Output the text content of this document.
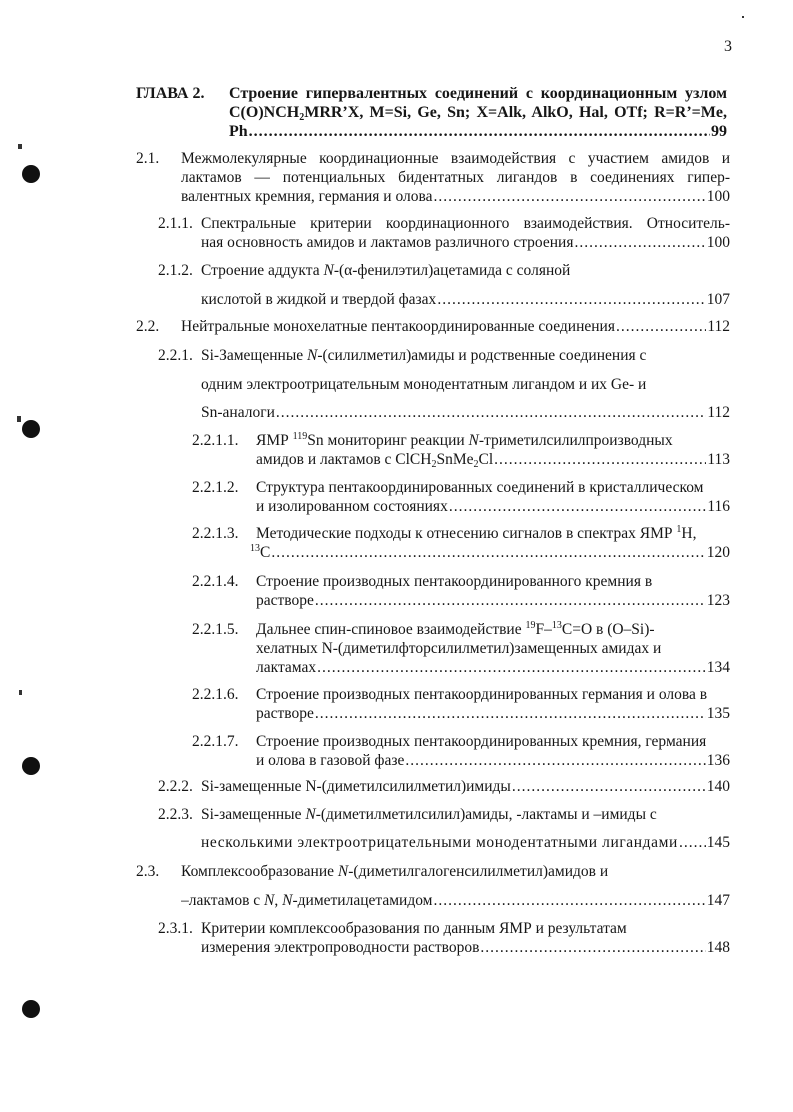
3
ГЛАВА 2. Строение гипервалентных соединений с координационным узлом
C(O)NCH2MRR’X, M=Si, Ge, Sn; X=Alk, AlkO, Hal, OTf; R=R’=Me,
Ph .....	99
2.1. Межмолекулярные координационные взаимодействия с участием амидов и
лактамов — потенциальных бидентатных лигандов в соединениях гипер-
валентных кремния, германия и олова .....	100
2.1.1. Спектральные критерии координационного взаимодействия. Относитель-
ная основность амидов и лактамов различного строения .....	100
2.1.2. Строение аддукта N-(α-фенилэтил)ацетамида с соляной
кислотой в жидкой и твердой фазах .....	107
2.2. Нейтральные монохелатные пентакоординированные соединения .....	112
2.2.1. Si-Замещенные N-(силилметил)амиды и родственные соединения с
одним электроотрицательным монодентатным лигандом и их Ge- и
Sn-аналоги .....	112
2.2.1.1. ЯМР $^{119}$Sn мониторинг реакции N-триметилсилилпроизводных
амидов и лактамов с ClCH2SnMe2Cl .....	113
2.2.1.2. Структура пентакоординированных соединений в кристаллическом
и изолированном состояниях .....	116
2.2.1.3. Методические подходы к отнесению сигналов в спектрах ЯМР $^1$H,
$^{13}$C .....	120
2.2.1.4. Строение производных пентакоординированного кремния в
растворе .....	123
2.2.1.5. Дальнее спин-спиновое взаимодействие $^{19}$F–$^{13}$C=O в (O–Si)-
хелатных N-(диметилфторсилилметил)замещенных амидах и
лактамах .....	134
2.2.1.6. Строение производных пентакоординированных германия и олова в
растворе .....	135
2.2.1.7. Строение производных пентакоординированных кремния, германия
и олова в газовой фазе .....	136
2.2.2. Si-замещенные N-(диметилсилилметил)имиды .....	140
2.2.3. Si-замещенные N-(диметилметилсилил)амиды, -лактамы и –имиды с
несколькими электроотрицательными монодентатными лигандами ..... 145
2.3. Комплексообразование N-(диметилгалогенсилилметил)амидов и
–лактамов с N, N-диметилацетамидом .....	147
2.3.1. Критерии комплексообразования по данным ЯМР и результатам
измерения электропроводности растворов .....	148
